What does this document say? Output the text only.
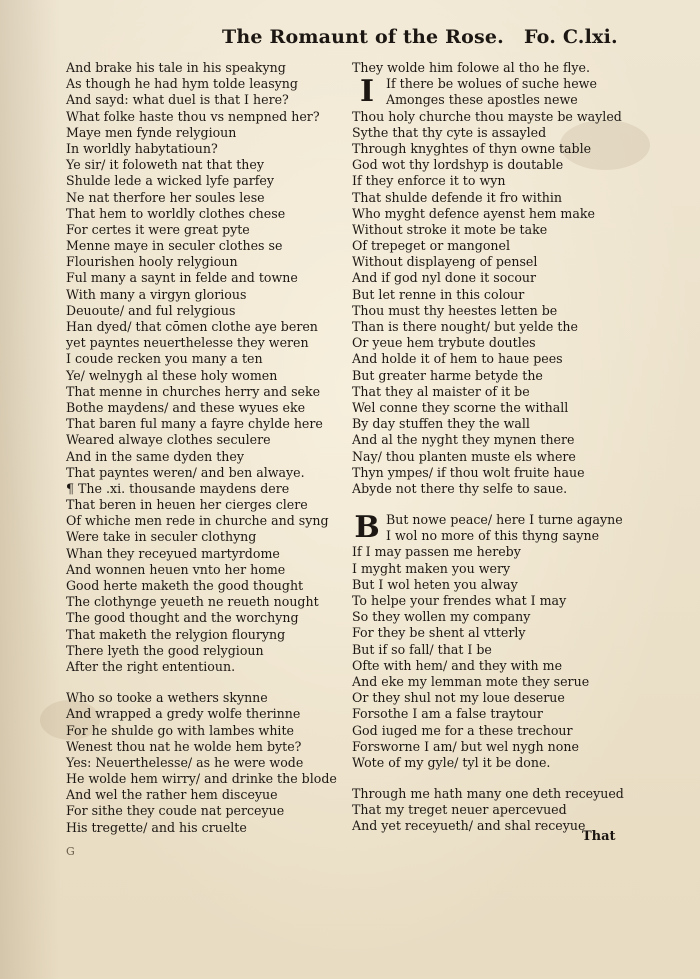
The Romaunt of the Rose. Fo. C.lxi.
And brake his tale in his speakyng
As though he had hym tolde leasyng
And sayd: what duel is that I here?
What folke haste thou vs nempned her?
Maye men fynde relygioun
In worldly habytatioun?
Ye sir/ it foloweth nat that they
Shulde lede a wicked lyfe parfey
Ne nat therfore her soules lese
That hem to worldly clothes chese
For certes it were great pyte
Menne maye in seculer clothes se
Flourishen hooly relygioun
Ful many a saynt in felde and towne
With many a virgyn glorious
Deuoute/ and ful relygious
Han dyed/ that cōmen clothe aye beren
yet payntes neuerthelesse they weren
I coude recken you many a ten
Ye/ welnygh al these holy women
That menne in churches herry and seke
Bothe maydens/ and these wyues eke
That baren ful many a fayre chylde here
Weared alwaye clothes seculere
And in the same dyden they
That payntes weren/ and ben alwaye.
¶ The .xi. thousande maydens dere
That beren in heuen her cierges clere
Of whiche men rede in churche and syng
Were take in seculer clothyng
Whan they receyued martyrdome
And wonnen heuen vnto her home
Good herte maketh the good thought
The clothynge yeueth ne reueth nought
The good thought and the worchyng
That maketh the relygion flouryng
There lyeth the good relygioun
After the right ententioun.
Who so tooke a wethers skynne
And wrapped a gredy wolfe therinne
For he shulde go with lambes white
Wenest thou nat he wolde hem byte?
Yes: Neuerthelesse/ as he were wode
He wolde hem wirry/ and drinke the blode
And wel the rather hem disceyue
For sithe they coude nat perceyue
His tregette/ and his cruelte
They wolde him folowe al tho he flye.
I If there be wolues of suche hewe
Amonges these apostles newe
Thou holy churche thou mayste be wayled
Sythe that thy cyte is assayled
Through knyghtes of thyn owne table
God wot thy lordshyp is doutable
If they enforce it to wyn
That shulde defende it fro within
Who myght defence ayenst hem make
Without stroke it mote be take
Of trepeget or mangonel
Without displayeng of pensel
And if god nyl done it socour
But let renne in this colour
Thou must thy heestes letten be
Than is there nought/ but yelde the
Or yeue hem trybute doutles
And holde it of hem to haue pees
But greater harme betyde the
That they al maister of it be
Wel conne they scorne the withall
By day stuffen they the wall
And al the nyght they mynen there
Nay/ thou planten muste els where
Thyn ympes/ if thou wolt fruite haue
Abyde not there thy selfe to saue.
B But nowe peace/ here I turne agayne
I wol no more of this thyng sayne
If I may passen me hereby
I myght maken you wery
But I wol heten you alway
To helpe your frendes what I may
So they wollen my company
For they be shent al vtterly
But if so fall/ that I be
Ofte with hem/ and they with me
And eke my lemman mote they serue
Or they shul not my loue deserue
Forsothe I am a false traytour
God iuged me for a these trechour
Forsworne I am/ but wel nygh none
Wote of my gyle/ tyl it be done.
Through me hath many one deth receyued
That my treget neuer apercevued
And yet receyueth/ and shal receyue
That
G
